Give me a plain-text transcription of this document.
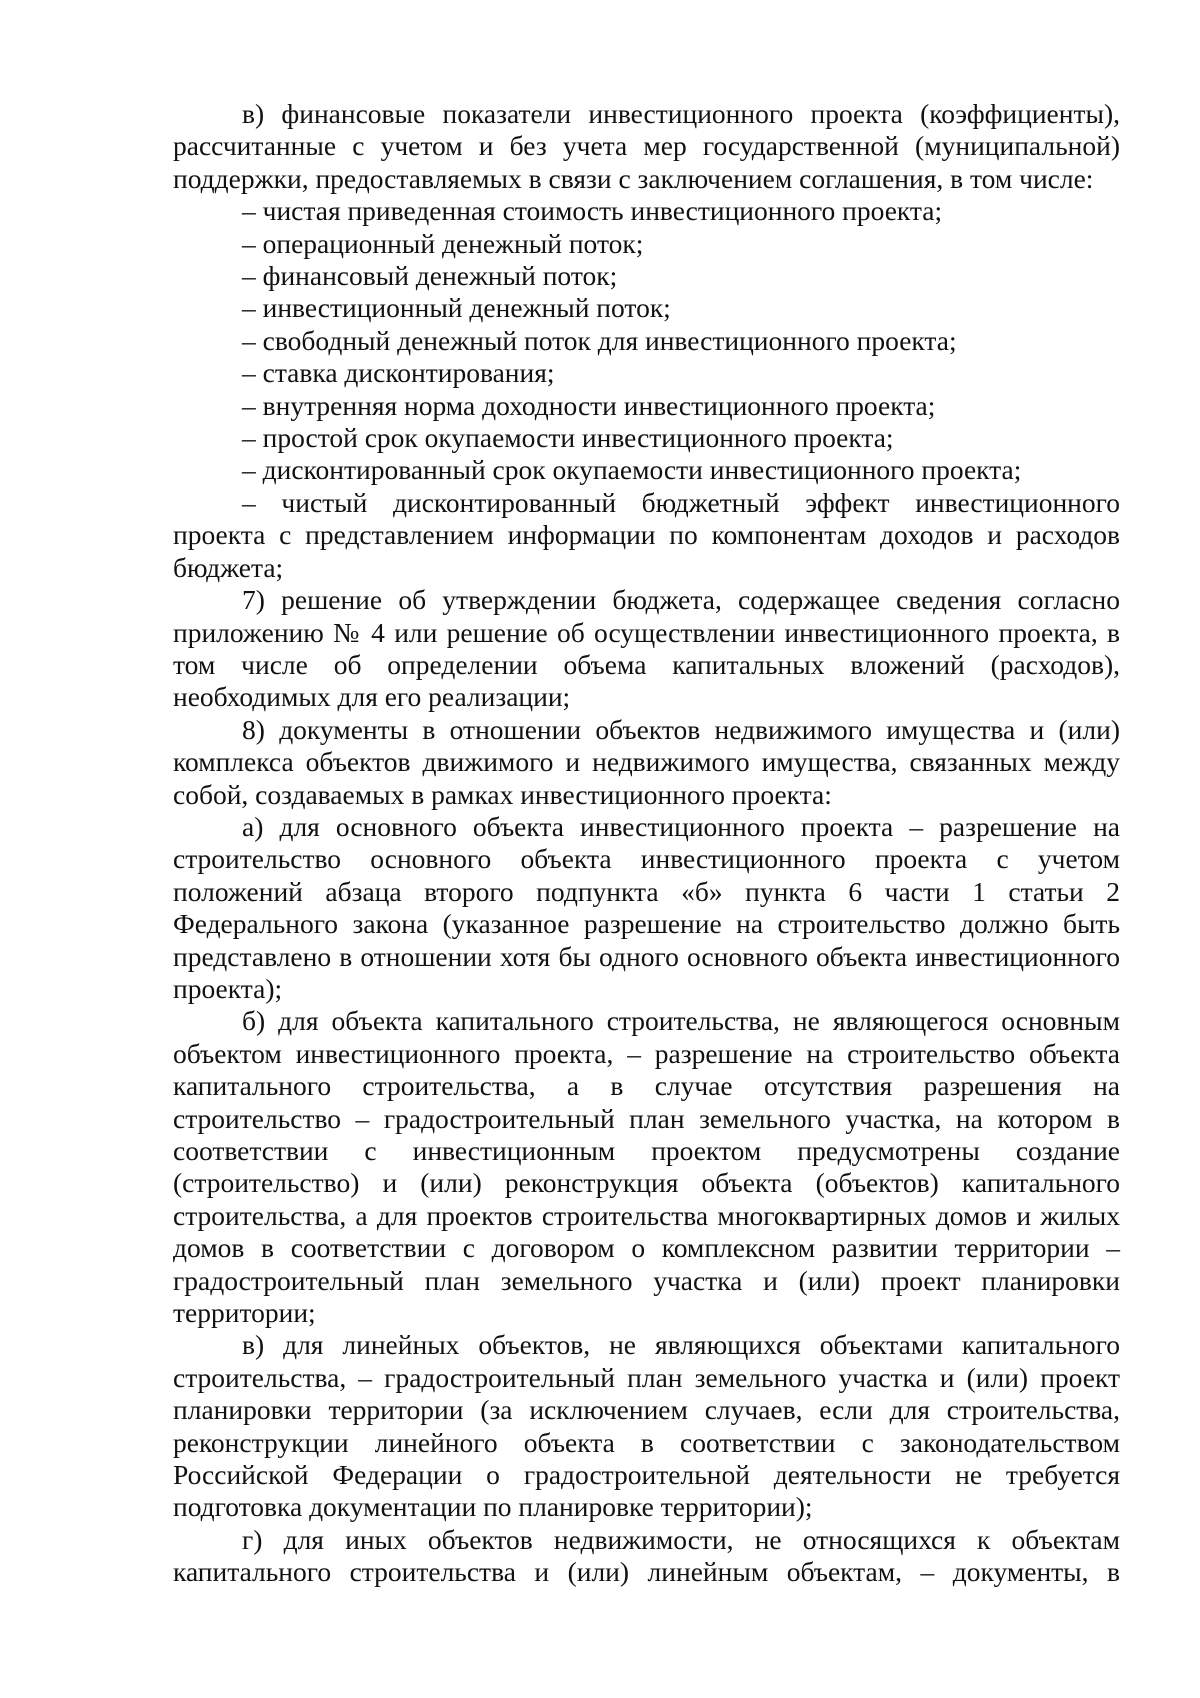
в) финансовые показатели инвестиционного проекта (коэффициенты), рассчитанные с учетом и без учета мер государственной (муниципальной) поддержки, предоставляемых в связи с заключением соглашения, в том числе:

– чистая приведенная стоимость инвестиционного проекта;

– операционный денежный поток;

– финансовый денежный поток;

– инвестиционный денежный поток;

– свободный денежный поток для инвестиционного проекта;

– ставка дисконтирования;

– внутренняя норма доходности инвестиционного проекта;

– простой срок окупаемости инвестиционного проекта;

– дисконтированный срок окупаемости инвестиционного проекта;

– чистый дисконтированный бюджетный эффект инвестиционного проекта с представлением информации по компонентам доходов и расходов бюджета;

7) решение об утверждении бюджета, содержащее сведения согласно приложению № 4 или решение об осуществлении инвестиционного проекта, в том числе об определении объема капитальных вложений (расходов), необходимых для его реализации;

8) документы в отношении объектов недвижимого имущества и (или) комплекса объектов движимого и недвижимого имущества, связанных между собой, создаваемых в рамках инвестиционного проекта:

а) для основного объекта инвестиционного проекта – разрешение на строительство основного объекта инвестиционного проекта с учетом положений абзаца второго подпункта «б» пункта 6 части 1 статьи 2 Федерального закона (указанное разрешение на строительство должно быть представлено в отношении хотя бы одного основного объекта инвестиционного проекта);

б) для объекта капитального строительства, не являющегося основным объектом инвестиционного проекта, – разрешение на строительство объекта капитального строительства, а в случае отсутствия разрешения на строительство – градостроительный план земельного участка, на котором в соответствии с инвестиционным проектом предусмотрены создание (строительство) и (или) реконструкция объекта (объектов) капитального строительства, а для проектов строительства многоквартирных домов и жилых домов в соответствии с договором о комплексном развитии территории – градостроительный план земельного участка и (или) проект планировки территории;

в) для линейных объектов, не являющихся объектами капитального строительства, – градостроительный план земельного участка и (или) проект планировки территории (за исключением случаев, если для строительства, реконструкции линейного объекта в соответствии с законодательством Российской Федерации о градостроительной деятельности не требуется подготовка документации по планировке территории);

г) для иных объектов недвижимости, не относящихся к объектам капитального строительства и (или) линейным объектам, – документы, в
